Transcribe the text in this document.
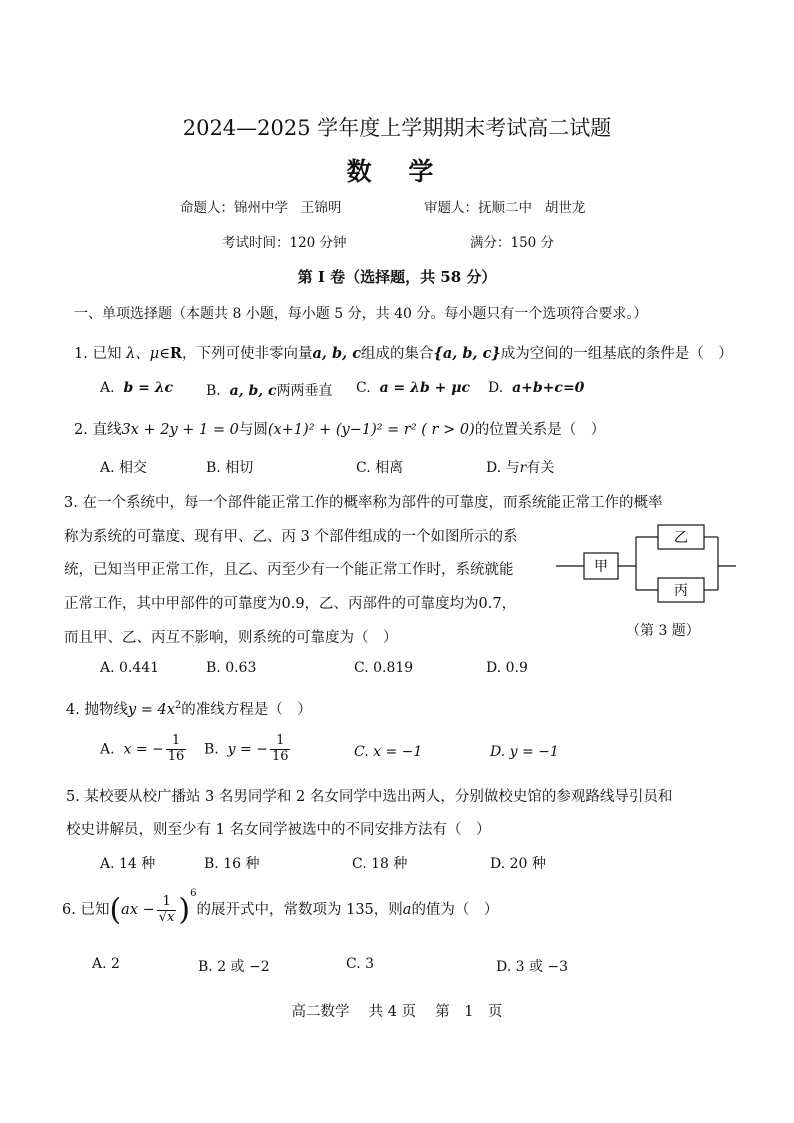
2024—2025 学年度上学期期末考试高二试题
数 学
命题人：锦州中学 王锦明	审题人：抚顺二中 胡世龙
考试时间：120 分钟	满分：150 分
第 I 卷（选择题，共 58 分）
一、单项选择题（本题共 8 小题，每小题 5 分，共 40 分。每小题只有一个选项符合要求。）
1. 已知 λ、μ∈R，下列可使非零向量a, b, c组成的集合{a, b, c}成为空间的一组基底的条件是（　）
A. b = λc B. a, b, c两两垂直 C. a = λb + μc D. a+b+c=0
2. 直线3x + 2y + 1 = 0与圆(x+1)² + (y−1)² = r² ( r > 0)的位置关系是（　）
A. 相交	B. 相切	C. 相离	D. 与r有关
3. 在一个系统中，每一个部件能正常工作的概率称为部件的可靠度，而系统能正常工作的概率
称为系统的可靠度、现有甲、乙、丙 3 个部件组成的一个如图所示的系
统，已知当甲正常工作，且乙、丙至少有一个能正常工作时，系统就能
正常工作，其中甲部件的可靠度为0.9，乙、丙部件的可靠度均为0.7，
而且甲、乙、丙互不影响，则系统的可靠度为（　）
甲
乙
丙
（第 3 题）
A. 0.441	B. 0.63	C. 0.819	D. 0.9
4. 抛物线$y = 4x^2$的准线方程是（　）
A. x = − $\frac{1}{16} B$. y = − $\frac{1}{16}$	C. x = −1	D. y = −1
5. 某校要从校广播站 3 名男同学和 2 名女同学中选出两人，分别做校史馆的参观路线导引员和
校史讲解员，则至少有 1 名女同学被选中的不同安排方法有（　）
A. 14 种	B. 16 种	C. 18 种	D. 20 种
6. 已知$(ax - \frac{1}{√x} )^6$的展开式中，常数项为 135，则a的值为（　）
A. 2	B. 2 或 −2	C. 3	D. 3 或 −3
高二数学　 共 4 页　 第　1　页
